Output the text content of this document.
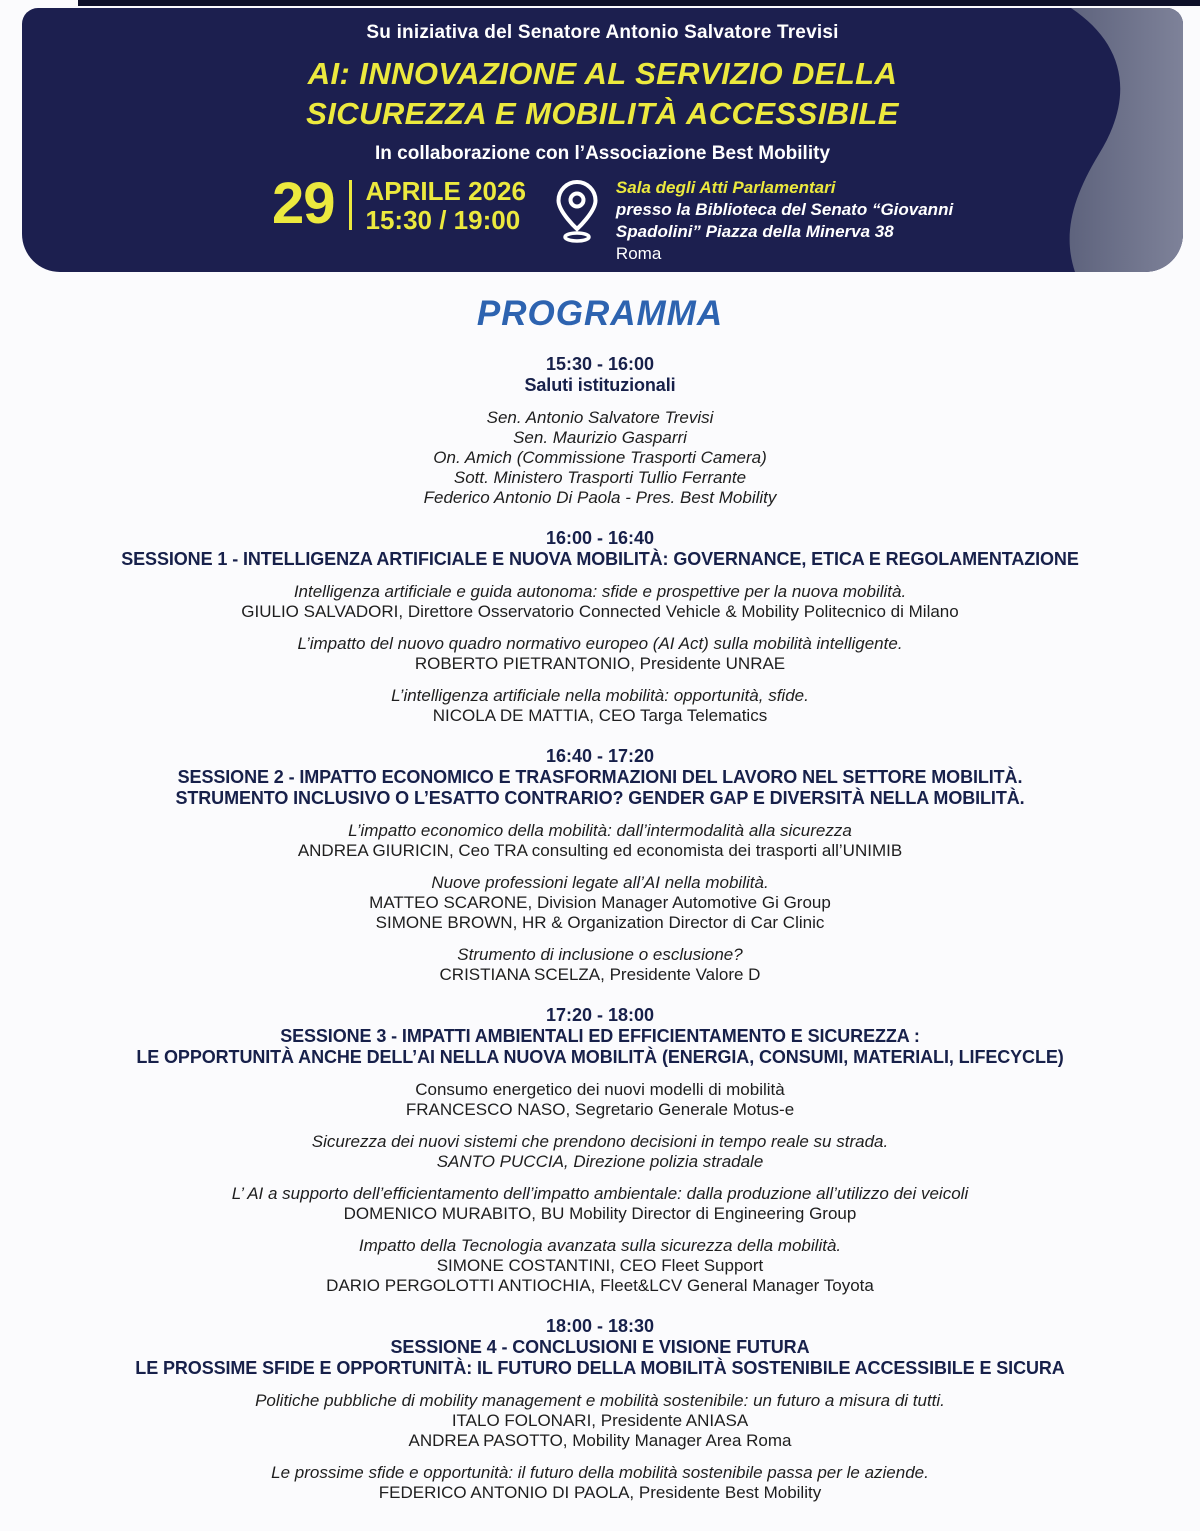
Su iniziativa del Senatore Antonio Salvatore Trevisi
AI: INNOVAZIONE AL SERVIZIO DELLA
SICUREZZA E MOBILITÀ ACCESSIBILE
In collaborazione con l’Associazione Best Mobility
29 APRILE 2026
15:30 / 19:00
Sala degli Atti Parlamentari
presso la Biblioteca del Senato “Giovanni
Spadolini” Piazza della Minerva 38
Roma
PROGRAMMA
15:30 - 16:00
Saluti istituzionali
Sen. Antonio Salvatore Trevisi
Sen. Maurizio Gasparri
On. Amich (Commissione Trasporti Camera)
Sott. Ministero Trasporti Tullio Ferrante
Federico Antonio Di Paola - Pres. Best Mobility
16:00 - 16:40
SESSIONE 1 - INTELLIGENZA ARTIFICIALE E NUOVA MOBILITÀ: GOVERNANCE, ETICA E REGOLAMENTAZIONE
Intelligenza artificiale e guida autonoma: sfide e prospettive per la nuova mobilità.
GIULIO SALVADORI, Direttore Osservatorio Connected Vehicle & Mobility Politecnico di Milano
L’impatto del nuovo quadro normativo europeo (AI Act) sulla mobilità intelligente.
ROBERTO PIETRANTONIO, Presidente UNRAE
L’intelligenza artificiale nella mobilità: opportunità, sfide.
NICOLA DE MATTIA, CEO Targa Telematics
16:40 - 17:20
SESSIONE 2 - IMPATTO ECONOMICO E TRASFORMAZIONI DEL LAVORO NEL SETTORE MOBILITÀ.
STRUMENTO INCLUSIVO O L’ESATTO CONTRARIO? GENDER GAP E DIVERSITÀ NELLA MOBILITÀ.
L’impatto economico della mobilità: dall’intermodalità alla sicurezza
ANDREA GIURICIN, Ceo TRA consulting ed economista dei trasporti all’UNIMIB
Nuove professioni legate all’AI nella mobilità.
MATTEO SCARONE, Division Manager Automotive Gi Group
SIMONE BROWN, HR & Organization Director di Car Clinic
Strumento di inclusione o esclusione?
CRISTIANA SCELZA, Presidente Valore D
17:20 - 18:00
SESSIONE 3 - IMPATTI AMBIENTALI ED EFFICIENTAMENTO E SICUREZZA :
LE OPPORTUNITÀ ANCHE DELL’AI NELLA NUOVA MOBILITÀ (ENERGIA, CONSUMI, MATERIALI, LIFECYCLE)
Consumo energetico dei nuovi modelli di mobilità
FRANCESCO NASO, Segretario Generale Motus-e
Sicurezza dei nuovi sistemi che prendono decisioni in tempo reale su strada.
SANTO PUCCIA, Direzione polizia stradale
L’ AI a supporto dell’efficientamento dell’impatto ambientale: dalla produzione all’utilizzo dei veicoli
DOMENICO MURABITO, BU Mobility Director di Engineering Group
Impatto della Tecnologia avanzata sulla sicurezza della mobilità.
SIMONE COSTANTINI, CEO Fleet Support
DARIO PERGOLOTTI ANTIOCHIA, Fleet&LCV General Manager Toyota
18:00 - 18:30
SESSIONE 4 - CONCLUSIONI E VISIONE FUTURA
LE PROSSIME SFIDE E OPPORTUNITÀ: IL FUTURO DELLA MOBILITÀ SOSTENIBILE ACCESSIBILE E SICURA
Politiche pubbliche di mobility management e mobilità sostenibile: un futuro a misura di tutti.
ITALO FOLONARI, Presidente ANIASA
ANDREA PASOTTO, Mobility Manager Area Roma
Le prossime sfide e opportunità: il futuro della mobilità sostenibile passa per le aziende.
FEDERICO ANTONIO DI PAOLA, Presidente Best Mobility
